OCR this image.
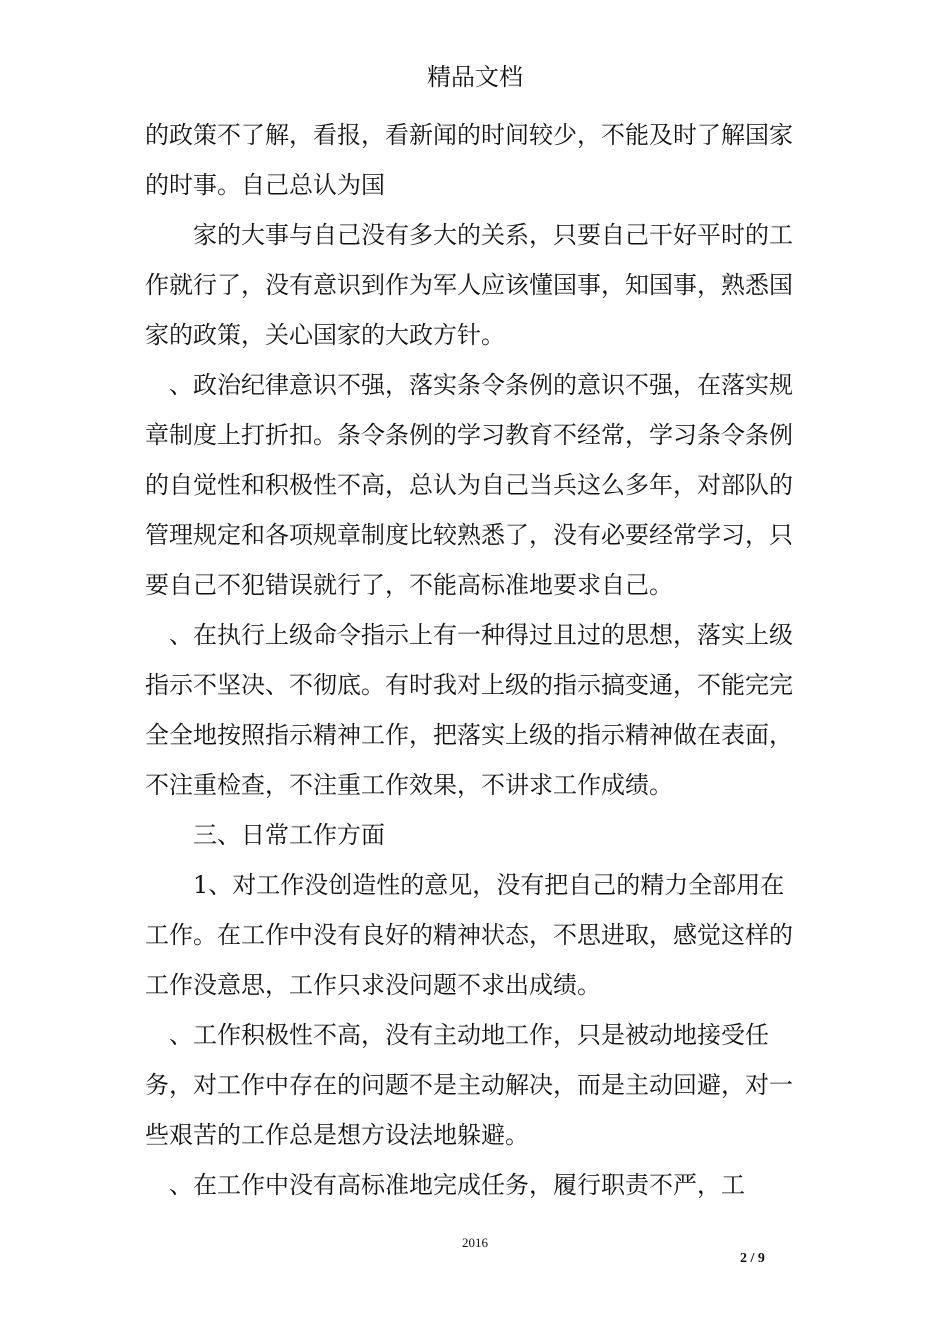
精品文档

的政策不了解，看报，看新闻的时间较少，不能及时了解国家的时事。自己总认为国

家的大事与自己没有多大的关系，只要自己干好平时的工作就行了，没有意识到作为军人应该懂国事，知国事，熟悉国家的政策，关心国家的大政方针。

、政治纪律意识不强，落实条令条例的意识不强，在落实规章制度上打折扣。条令条例的学习教育不经常，学习条令条例的自觉性和积极性不高，总认为自己当兵这么多年，对部队的管理规定和各项规章制度比较熟悉了，没有必要经常学习，只要自己不犯错误就行了，不能高标准地要求自己。

、在执行上级命令指示上有一种得过且过的思想，落实上级指示不坚决、不彻底。有时我对上级的指示搞变通，不能完完全全地按照指示精神工作，把落实上级的指示精神做在表面，不注重检查，不注重工作效果，不讲求工作成绩。

三、日常工作方面

1、对工作没创造性的意见，没有把自己的精力全部用在工作。在工作中没有良好的精神状态，不思进取，感觉这样的工作没意思，工作只求没问题不求出成绩。

、工作积极性不高，没有主动地工作，只是被动地接受任务，对工作中存在的问题不是主动解决，而是主动回避，对一些艰苦的工作总是想方设法地躲避。

、在工作中没有高标准地完成任务，履行职责不严，工

2016
2 / 9
